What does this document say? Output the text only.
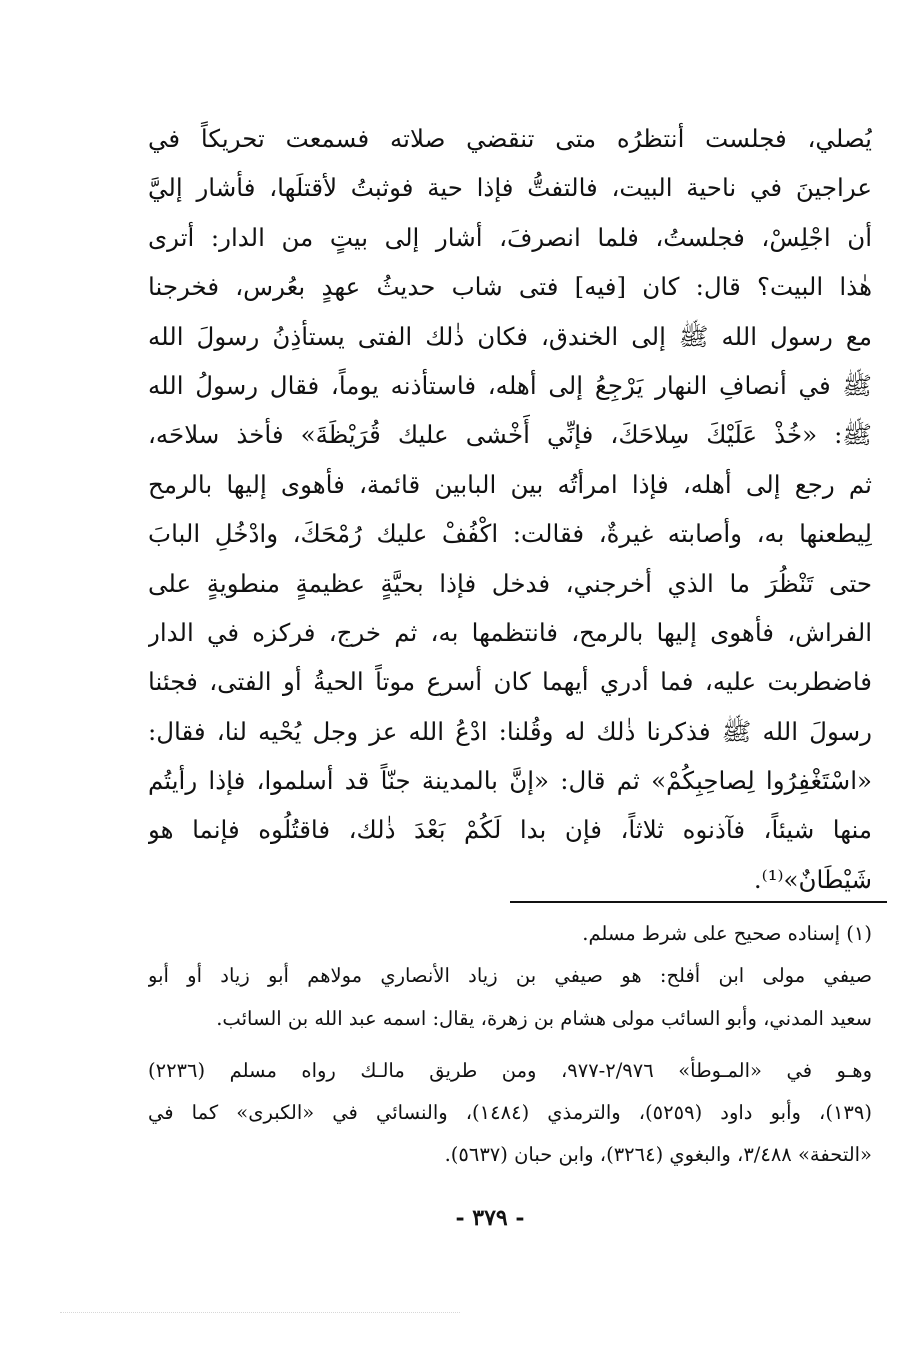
يُصلي، فجلست أنتظرُه متى تنقضي صلاته فسمعت تحريكاً في
عراجينَ في ناحية البيت، فالتفتُّ فإذا حية فوثبتُ لأقتلَها، فأشار إليَّ
أن اجْلِسْ، فجلستُ، فلما انصرفَ، أشار إلى بيتٍ من الدار: أترى
هٰذا البيت؟ قال: كان [فيه] فتى شاب حديثُ عهدٍ بعُرس، فخرجنا
مع رسول الله ﷺ إلى الخندق، فكان ذٰلك الفتى يستأذِنُ رسولَ الله
ﷺ في أنصافِ النهار يَرْجِعُ إلى أهله، فاستأذنه يوماً، فقال رسولُ الله
ﷺ: «خُذْ عَلَيْكَ سِلاحَكَ، فإنِّي أَخْشى عليك قُرَيْظَةَ» فأخذ سلاحَه،
ثم رجع إلى أهله، فإذا امرأتُه بين البابين قائمة، فأهوى إليها بالرمح
لِيطعنها به، وأصابته غيرةٌ، فقالت: اكْفُفْ عليك رُمْحَكَ، وادْخُلِ البابَ
حتى تَنْظُرَ ما الذي أخرجني، فدخل فإذا بحيَّةٍ عظيمةٍ منطويةٍ على
الفراش، فأهوى إليها بالرمح، فانتظمها به، ثم خرج، فركزه في الدار
فاضطربت عليه، فما أدري أيهما كان أسرع موتاً الحيةُ أو الفتى، فجئنا
رسولَ الله ﷺ فذكرنا ذٰلك له وقُلنا: ادْعُ الله عز وجل يُحْيه لنا، فقال:
«اسْتَغْفِرُوا لِصاحِبِكُمْ» ثم قال: «إنَّ بالمدينة جنّاً قد أسلموا، فإذا رأيتُم
منها شيئاً، فآذنوه ثلاثاً، فإن بدا لَكُمْ بَعْدَ ذٰلك، فاقتُلُوه فإنما هو
شَيْطَانٌ»⁽¹⁾.
(١) إسناده صحيح على شرط مسلم.
صيفي مولى ابن أفلح: هو صيفي بن زياد الأنصاري مولاهم أبو زياد أو أبو
سعيد المدني، وأبو السائب مولى هشام بن زهرة، يقال: اسمه عبد الله بن السائب.
وهـو في «المـوطأ» ٢/٩٧٦-٩٧٧، ومن طريق مالـك رواه مسلم (٢٢٣٦)
(١٣٩)، وأبو داود (٥٢٥٩)، والترمذي (١٤٨٤)، والنسائي في «الكبرى» كما في
«التحفة» ٣/٤٨٨، والبغوي (٣٢٦٤)، وابن حبان (٥٦٣٧).
- ٣٧٩ -
